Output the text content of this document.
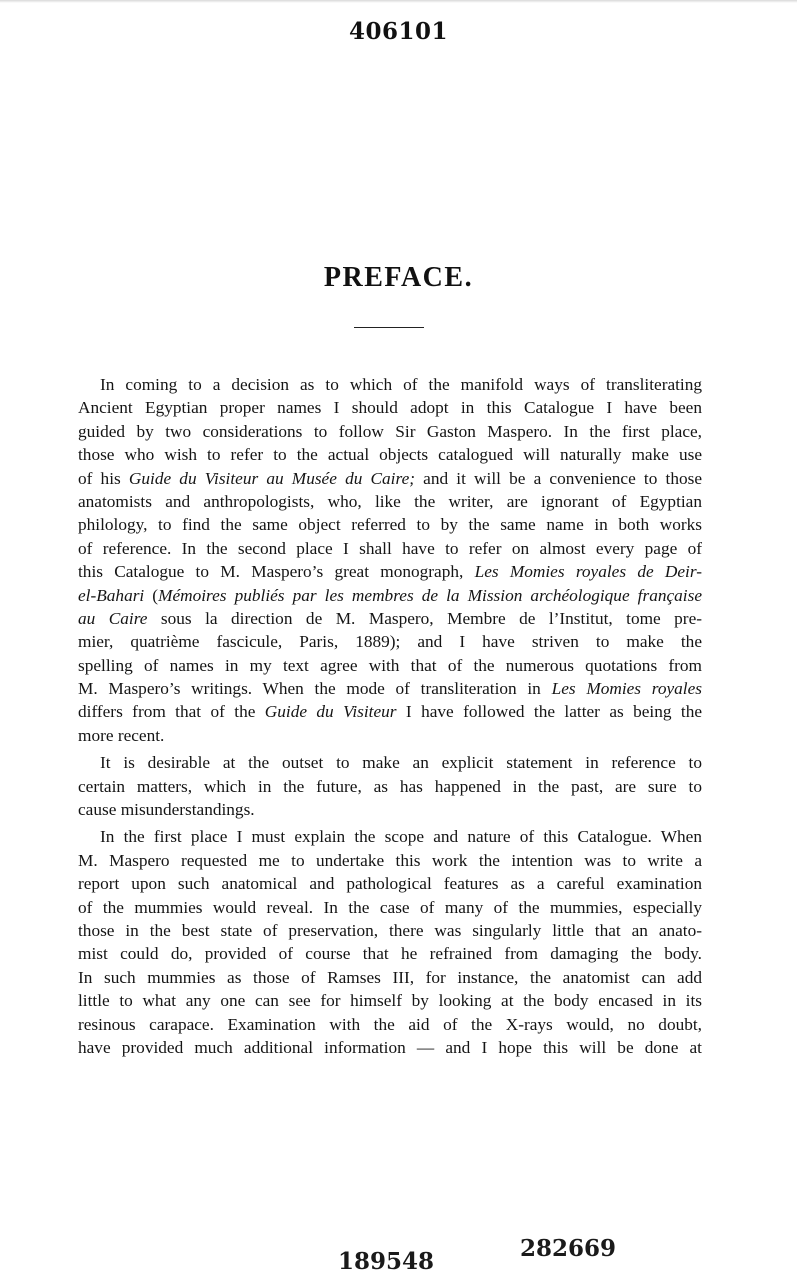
406101
PREFACE.
In coming to a decision as to which of the manifold ways of transliterating
Ancient Egyptian proper names I should adopt in this Catalogue I have been
guided by two considerations to follow Sir Gaston Maspero. In the first place,
those who wish to refer to the actual objects catalogued will naturally make use
of his Guide du Visiteur au Musée du Caire; and it will be a convenience to those
anatomists and anthropologists, who, like the writer, are ignorant of Egyptian
philology, to find the same object referred to by the same name in both works
of reference. In the second place I shall have to refer on almost every page of
this Catalogue to M. Maspero’s great monograph, Les Momies royales de Deir-
el-Bahari (Mémoires publiés par les membres de la Mission archéologique française
au Caire sous la direction de M. Maspero, Membre de l’Institut, tome pre-
mier, quatrième fascicule, Paris, 1889); and I have striven to make the
spelling of names in my text agree with that of the numerous quotations from
M. Maspero’s writings. When the mode of transliteration in Les Momies royales
differs from that of the Guide du Visiteur I have followed the latter as being the
more recent.
It is desirable at the outset to make an explicit statement in reference to
certain matters, which in the future, as has happened in the past, are sure to
cause misunderstandings.
In the first place I must explain the scope and nature of this Catalogue. When
M. Maspero requested me to undertake this work the intention was to write a
report upon such anatomical and pathological features as a careful examination
of the mummies would reveal. In the case of many of the mummies, especially
those in the best state of preservation, there was singularly little that an anato-
mist could do, provided of course that he refrained from damaging the body.
In such mummies as those of Ramses III, for instance, the anatomist can add
little to what any one can see for himself by looking at the body encased in its
resinous carapace. Examination with the aid of the X-rays would, no doubt,
have provided much additional information — and I hope this will be done at
189548	282669
